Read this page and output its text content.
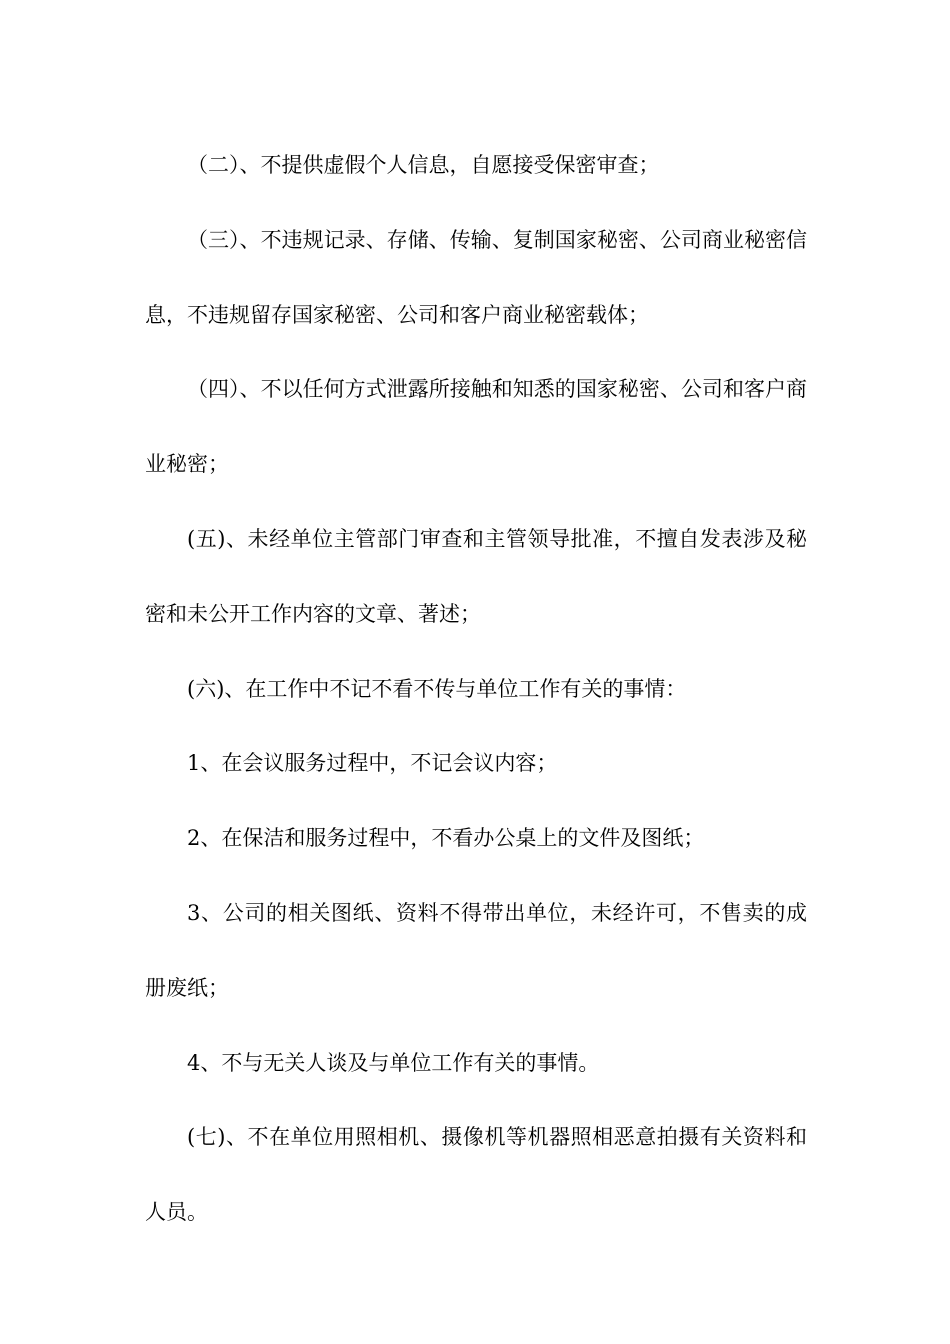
（二）、不提供虚假个人信息，自愿接受保密审查；

（三）、不违规记录、存储、传输、复制国家秘密、公司商业秘密信息，不违规留存国家秘密、公司和客户商业秘密载体；

（四）、不以任何方式泄露所接触和知悉的国家秘密、公司和客户商业秘密；

(五)、未经单位主管部门审查和主管领导批准，不擅自发表涉及秘密和未公开工作内容的文章、著述；

(六)、在工作中不记不看不传与单位工作有关的事情：

1、在会议服务过程中，不记会议内容；

2、在保洁和服务过程中，不看办公桌上的文件及图纸；

3、公司的相关图纸、资料不得带出单位，未经许可，不售卖的成册废纸；

4、不与无关人谈及与单位工作有关的事情。

(七)、不在单位用照相机、摄像机等机器照相恶意拍摄有关资料和人员。
